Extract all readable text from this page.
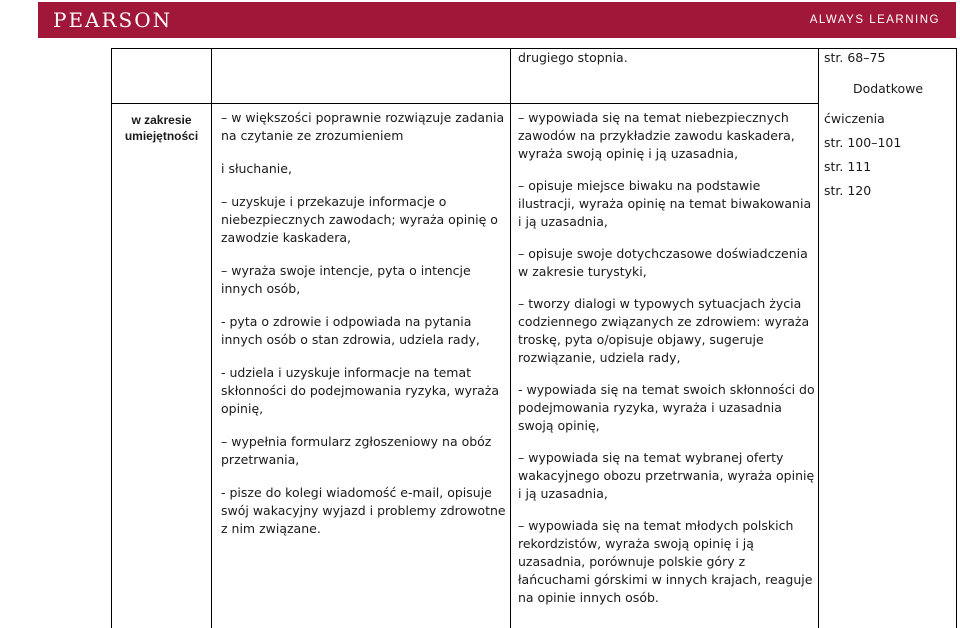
PEARSON	ALWAYS LEARNING
drugiego stopnia.	str. 68–75
Dodatkowe
w zakresie umiejętności

– w większości poprawnie rozwiązuje zadania na czytanie ze zrozumieniem

i słuchanie,

– uzyskuje i przekazuje informacje o niebezpiecznych zawodach; wyraża opinię o zawodzie kaskadera,

– wyraża swoje intencje, pyta o intencje innych osób,

- pyta o zdrowie i odpowiada na pytania innych osób o stan zdrowia, udziela rady,

- udziela i uzyskuje informacje na temat skłonności do podejmowania ryzyka, wyraża opinię,

– wypełnia formularz zgłoszeniowy na obóz przetrwania,

- pisze do kolegi wiadomość e-mail, opisuje swój wakacyjny wyjazd i problemy zdrowotne z nim związane.

– wypowiada się na temat niebezpiecznych zawodów na przykładzie zawodu kaskadera, wyraża swoją opinię i ją uzasadnia,

– opisuje miejsce biwaku na podstawie ilustracji, wyraża opinię na temat biwakowania i ją uzasadnia,

– opisuje swoje dotychczasowe doświadczenia w zakresie turystyki,

– tworzy dialogi w typowych sytuacjach życia codziennego związanych ze zdrowiem: wyraża troskę, pyta o/opisuje objawy, sugeruje rozwiązanie, udziela rady,

- wypowiada się na temat swoich skłonności do podejmowania ryzyka, wyraża i uzasadnia swoją opinię,

– wypowiada się na temat wybranej oferty wakacyjnego obozu przetrwania, wyraża opinię i ją uzasadnia,

– wypowiada się na temat młodych polskich rekordzistów, wyraża swoją opinię i ją uzasadnia, porównuje polskie góry z łańcuchami górskimi w innych krajach, reaguje na opinie innych osób.

ćwiczenia
str. 100–101
str. 111
str. 120
